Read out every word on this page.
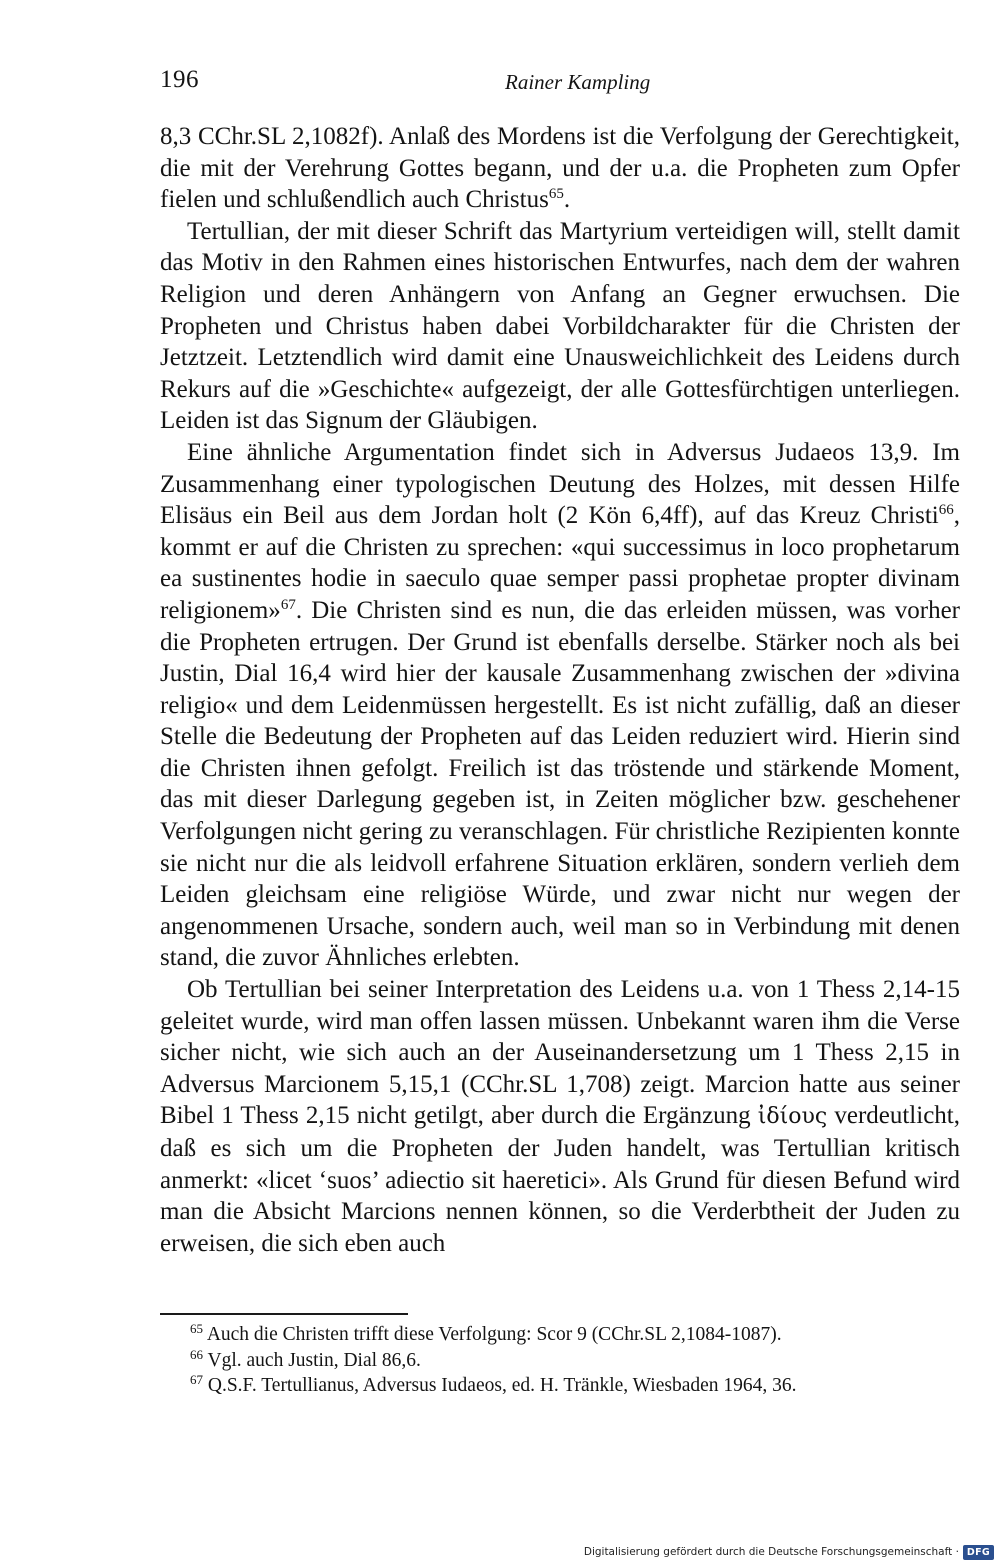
196	Rainer Kampling

8,3 CChr.SL 2,1082f). Anlaß des Mordens ist die Verfolgung der Gerechtigkeit, die mit der Verehrung Gottes begann, und der u.a. die Propheten zum Opfer fielen und schlußendlich auch Christus$^{65}$.

Tertullian, der mit dieser Schrift das Martyrium verteidigen will, stellt damit das Motiv in den Rahmen eines historischen Entwurfes, nach dem der wahren Religion und deren Anhängern von Anfang an Gegner erwuchsen. Die Propheten und Christus haben dabei Vorbildcharakter für die Christen der Jetztzeit. Letztendlich wird damit eine Unausweichlichkeit des Leidens durch Rekurs auf die »Geschichte« aufgezeigt, der alle Gottesfürchtigen unterliegen. Leiden ist das Signum der Gläubigen.

Eine ähnliche Argumentation findet sich in Adversus Judaeos 13,9. Im Zusammenhang einer typologischen Deutung des Holzes, mit dessen Hilfe Elisäus ein Beil aus dem Jordan holt (2 Kön 6,4ff), auf das Kreuz Christi$^{66}$, kommt er auf die Christen zu sprechen: «qui successimus in loco prophetarum ea sustinentes hodie in saeculo quae semper passi prophetae propter divinam religionem»$^{67}$. Die Christen sind es nun, die das erleiden müssen, was vorher die Propheten ertrugen. Der Grund ist ebenfalls derselbe. Stärker noch als bei Justin, Dial 16,4 wird hier der kausale Zusammenhang zwischen der »divina religio« und dem Leidenmüssen hergestellt. Es ist nicht zufällig, daß an dieser Stelle die Bedeutung der Propheten auf das Leiden reduziert wird. Hierin sind die Christen ihnen gefolgt. Freilich ist das tröstende und stärkende Moment, das mit dieser Darlegung gegeben ist, in Zeiten möglicher bzw. geschehener Verfolgungen nicht gering zu veranschlagen. Für christliche Rezipienten konnte sie nicht nur die als leidvoll erfahrene Situation erklären, sondern verlieh dem Leiden gleichsam eine religiöse Würde, und zwar nicht nur wegen der angenommenen Ursache, sondern auch, weil man so in Verbindung mit denen stand, die zuvor Ähnliches erlebten.

Ob Tertullian bei seiner Interpretation des Leidens u.a. von 1 Thess 2,14-15 geleitet wurde, wird man offen lassen müssen. Unbekannt waren ihm die Verse sicher nicht, wie sich auch an der Auseinandersetzung um 1 Thess 2,15 in Adversus Marcionem 5,15,1 (CChr.SL 1,708) zeigt. Marcion hatte aus seiner Bibel 1 Thess 2,15 nicht getilgt, aber durch die Ergänzung ἰδίους verdeutlicht, daß es sich um die Propheten der Juden handelt, was Tertullian kritisch anmerkt: «licet ‘suos’ adiectio sit haeretici». Als Grund für diesen Befund wird man die Absicht Marcions nennen können, so die Verderbtheit der Juden zu erweisen, die sich eben auch

$^{65}$ Auch die Christen trifft diese Verfolgung: Scor 9 (CChr.SL 2,1084-1087).
$^{66}$ Vgl. auch Justin, Dial 86,6.
$^{67}$ Q.S.F. Tertullianus, Adversus Iudaeos, ed. H. Tränkle, Wiesbaden 1964, 36.
Digitalisierung gefördert durch die Deutsche Forschungsgemeinschaft · DFG
